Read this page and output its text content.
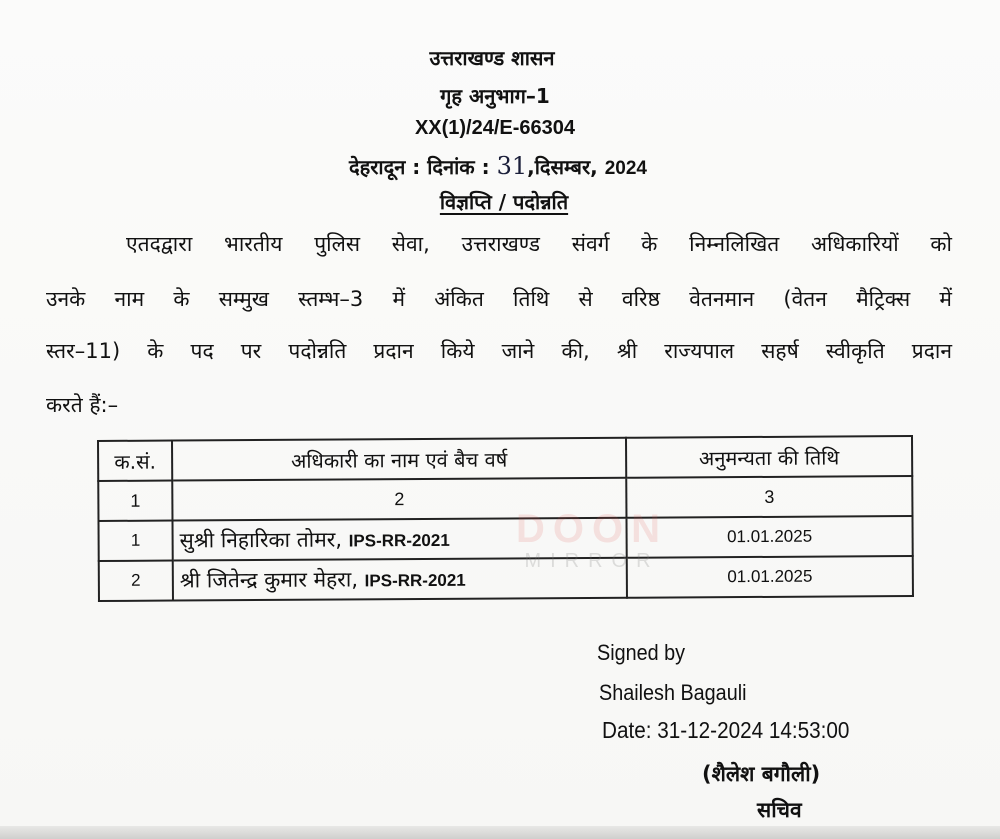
उत्तराखण्ड शासन
गृह अनुभाग–1
XX(1)/24/E-66304
देहरादून : दिनांक : 31,दिसम्बर, 2024
विज्ञप्ति / पदोन्नति
एतदद्वारा भारतीय पुलिस सेवा, उत्तराखण्ड संवर्ग के निम्नलिखित अधिकारियों को
उनके नाम के सम्मुख स्तम्भ–3 में अंकित तिथि से वरिष्ठ वेतनमान (वेतन मैट्रिक्स में
स्तर–11) के पद पर पदोन्नति प्रदान किये जाने की, श्री राज्यपाल सहर्ष स्वीकृति प्रदान
करते हैं:–
क.सं.	अधिकारी का नाम एवं बैच वर्ष	अनुमन्यता की तिथि
1	2	3
1	सुश्री निहारिका तोमर, IPS-RR-2021	01.01.2025
2	श्री जितेन्द्र कुमार मेहरा, IPS-RR-2021	01.01.2025
DOON
MIRROR
Signed by
Shailesh Bagauli
Date: 31-12-2024 14:53:00
(शैलेश बगौली)
सचिव
